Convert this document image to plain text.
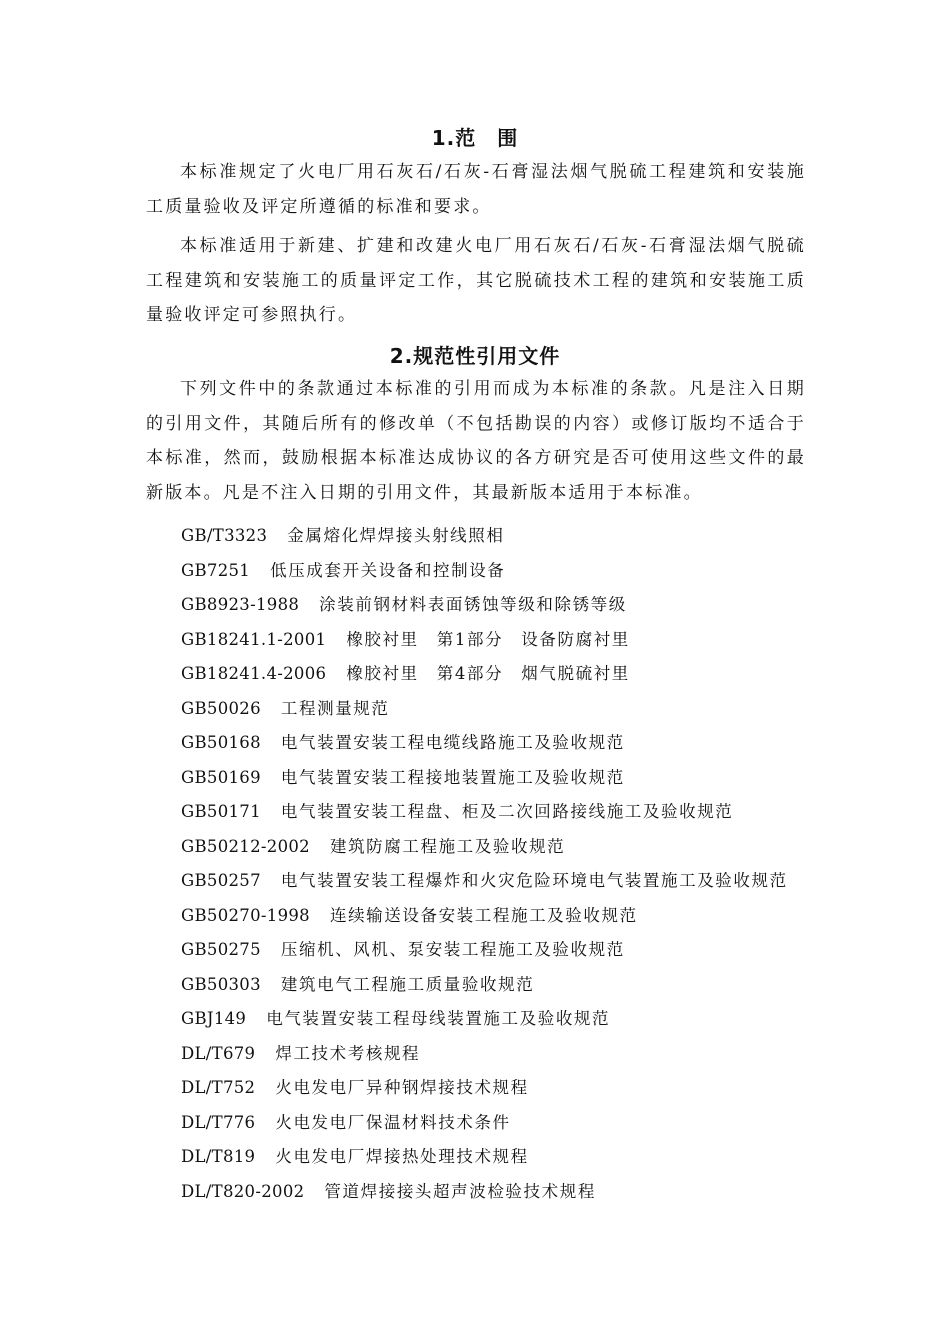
1.范　围

本标准规定了火电厂用石灰石/石灰-石膏湿法烟气脱硫工程建筑和安装施工质量验收及评定所遵循的标准和要求。

本标准适用于新建、扩建和改建火电厂用石灰石/石灰-石膏湿法烟气脱硫工程建筑和安装施工的质量评定工作，其它脱硫技术工程的建筑和安装施工质量验收评定可参照执行。

2.规范性引用文件

下列文件中的条款通过本标准的引用而成为本标准的条款。凡是注入日期的引用文件，其随后所有的修改单（不包括勘误的内容）或修订版均不适合于本标准，然而，鼓励根据本标准达成协议的各方研究是否可使用这些文件的最新版本。凡是不注入日期的引用文件，其最新版本适用于本标准。

GB/T3323 金属熔化焊焊接头射线照相
GB7251 低压成套开关设备和控制设备
GB8923-1988 涂装前钢材料表面锈蚀等级和除锈等级
GB18241.1-2001 橡胶衬里　第1部分　设备防腐衬里
GB18241.4-2006 橡胶衬里　第4部分　烟气脱硫衬里
GB50026 工程测量规范
GB50168 电气装置安装工程电缆线路施工及验收规范
GB50169 电气装置安装工程接地装置施工及验收规范
GB50171 电气装置安装工程盘、柜及二次回路接线施工及验收规范
GB50212-2002 建筑防腐工程施工及验收规范
GB50257 电气装置安装工程爆炸和火灾危险环境电气装置施工及验收规范
GB50270-1998 连续输送设备安装工程施工及验收规范
GB50275 压缩机、风机、泵安装工程施工及验收规范
GB50303 建筑电气工程施工质量验收规范
GBJ149 电气装置安装工程母线装置施工及验收规范
DL/T679 焊工技术考核规程
DL/T752 火电发电厂异种钢焊接技术规程
DL/T776 火电发电厂保温材料技术条件
DL/T819 火电发电厂焊接热处理技术规程
DL/T820-2002 管道焊接接头超声波检验技术规程
